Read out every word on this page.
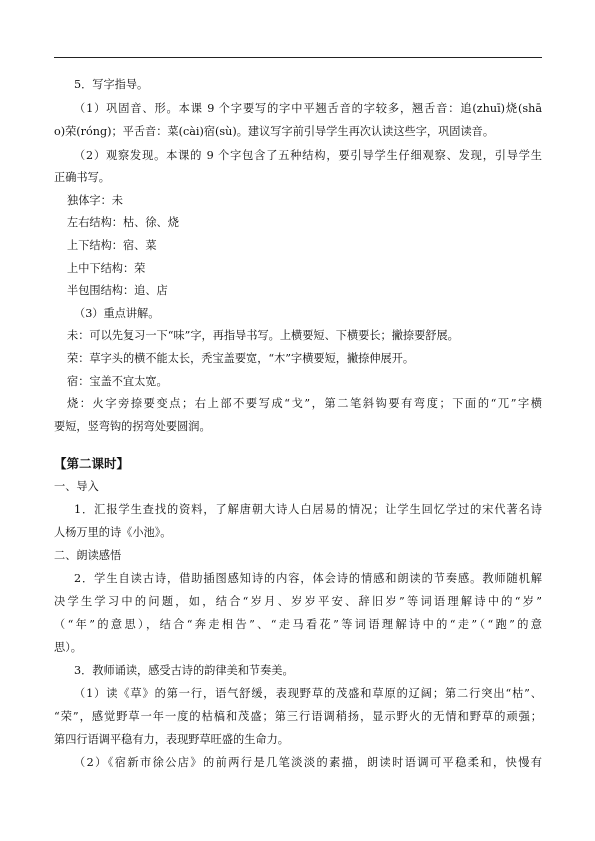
5．写字指导。
（1）巩固音、形。本课 9 个字要写的字中平翘舌音的字较多，翘舌音：追(zhuī)烧(shā
o)荣(róng)；平舌音：菜(cài)宿(sù)。建议写字前引导学生再次认读这些字，巩固读音。
（2）观察发现。本课的 9 个字包含了五种结构，要引导学生仔细观察、发现，引导学生
正确书写。
独体字：未
左右结构：枯、徐、烧
上下结构：宿、菜
上中下结构：荣
半包围结构：追、店
（3）重点讲解。
未：可以先复习一下“味”字，再指导书写。上横要短、下横要长；撇捺要舒展。
荣：草字头的横不能太长，秃宝盖要宽，“木”字横要短，撇捺伸展开。
宿：宝盖不宜太宽。
烧：火字旁捺要变点；右上部不要写成“戈”，第二笔斜钩要有弯度；下面的“兀”字横
要短，竖弯钩的拐弯处要圆润。
【第二课时】
一、导入
1．汇报学生查找的资料，了解唐朝大诗人白居易的情况；让学生回忆学过的宋代著名诗
人杨万里的诗《小池》。
二、朗读感悟
2．学生自读古诗，借助插图感知诗的内容，体会诗的情感和朗读的节奏感。教师随机解
决学生学习中的问题，如，结合“岁月、岁岁平安、辞旧岁”等词语理解诗中的“岁”
（“年”的意思），结合“奔走相告”、“走马看花”等词语理解诗中的“走”（“跑”的意
思）。
3．教师诵读，感受古诗的韵律美和节奏美。
（1）读《草》的第一行，语气舒缓，表现野草的茂盛和草原的辽阔；第二行突出“枯”、
“荣”，感觉野草一年一度的枯槁和茂盛；第三行语调稍扬，显示野火的无情和野草的顽强；
第四行语调平稳有力，表现野草旺盛的生命力。
（2）《宿新市徐公店》的前两行是几笔淡淡的素描，朗读时语调可平稳柔和，快慢有
